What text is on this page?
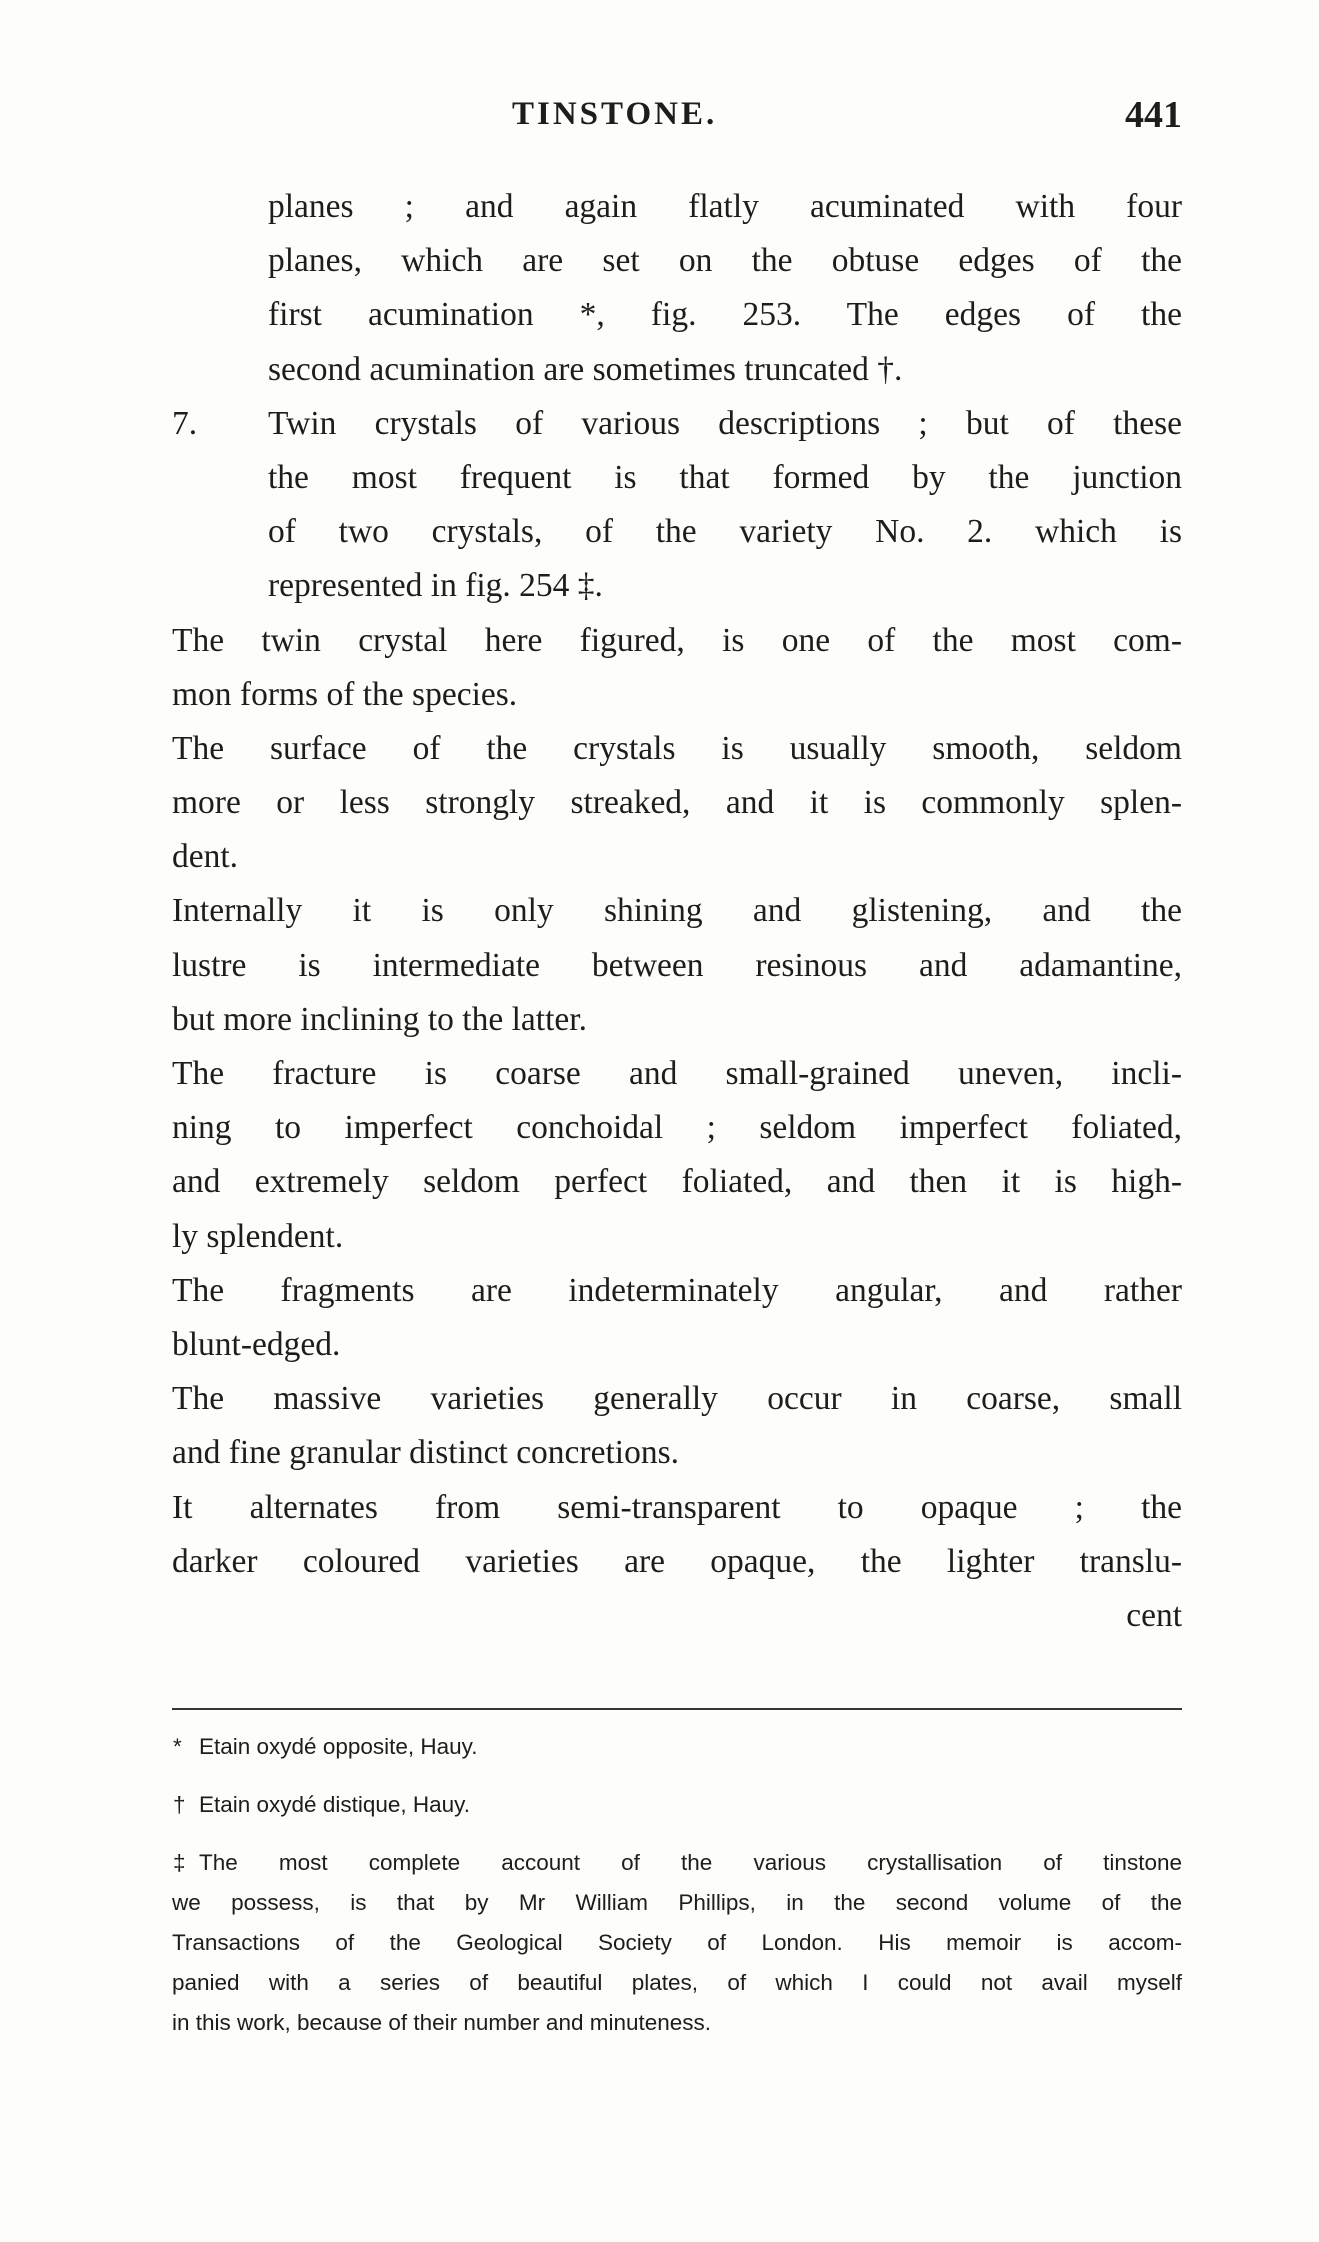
TINSTONE.	441
planes ; and again flatly acuminated with four
planes, which are set on the obtuse edges of the
first acumination *, fig. 253. The edges of the
second acumination are sometimes truncated †.
7. Twin crystals of various descriptions ; but of these
the most frequent is that formed by the junction
of two crystals, of the variety No. 2. which is
represented in fig. 254 ‡.
The twin crystal here figured, is one of the most com-
mon forms of the species.
The surface of the crystals is usually smooth, seldom
more or less strongly streaked, and it is commonly splen-
dent.
Internally it is only shining and glistening, and the
lustre is intermediate between resinous and adamantine,
but more inclining to the latter.
The fracture is coarse and small-grained uneven, incli-
ning to imperfect conchoidal ; seldom imperfect foliated,
and extremely seldom perfect foliated, and then it is high-
ly splendent.
The fragments are indeterminately angular, and rather
blunt-edged.
The massive varieties generally occur in coarse, small
and fine granular distinct concretions.
It alternates from semi-transparent to opaque ; the
darker coloured varieties are opaque, the lighter translu-
cent
* Etain oxydé opposite, Hauy.
† Etain oxydé distique, Hauy.
‡ The most complete account of the various crystallisation of tinstone
we possess, is that by Mr William Phillips, in the second volume of the
Transactions of the Geological Society of London. His memoir is accom-
panied with a series of beautiful plates, of which I could not avail myself
in this work, because of their number and minuteness.
